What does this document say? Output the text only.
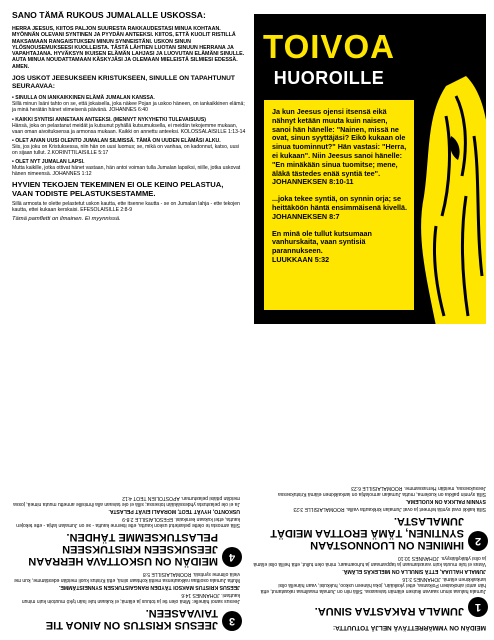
SANO TÄMÄ RUKOUS JUMALALLE USKOSSA:
HERRA JEESUS, KIITOS PALJON SUURESTA RAKKAUDESTASI MINUA KOHTAAN. MYÖNNÄN OLEVANI SYNTINEN JA PYYDÄN ANTEEKSI. KIITOS, ETTÄ KUOLIT RISTILLÄ MAKSAMAAN RANGAISTUKSEN MINUN SYNNEISTÄNI. USKON SINUN YLÖSNOUSEMUKSEESI KUOLLEISTA. TÄSTÄ LÄHTIEN LUOTAN SINUUN HERRANA JA VAPAHTAJANA. HYVÄKSYN IKUISEN ELÄMÄN LAHJASI JA LUOVUTAN ELÄMÄNI SINULLE. AUTA MINUA NOUDATTAMAAN KÄSKYJÄSI JA OLEMAAN MIELEISTÄ SILMIESI EDESSÄ. AMEN.
JOS USKOT JEESUKSEEN KRISTUKSEEN, SINULLE ON TAPAHTUNUT SEURAAVAA:
• SINULLA ON IANKAIKKINEN ELÄMÄ JUMALAN KANSSA.
Sillä minun Isäni tahto on se, että jokaisella, joka näkee Pojan ja uskoo häneen, on iankaikkinen elämä; ja minä herätän hänet viimeisenä päivänä. JOHANNES 6:40
• KAIKKI SYNTISI ANNETAAN ANTEEKSI. (MENNYT NYKYHETKI TULEVAISUUS)
Hänsä, joka on pelastanut meidät ja kutsunut pyhällä kutsumuksella, ei meidän tekojemme mukaan, vaan oman aivoituksensa ja armonsa mukaan. Kaikki on annettu anteeksi. KOLOSSALAISILLE 1:13-14
• OLET AIVAN UUSI OLENTO JUMALAN SILMISSÄ. TÄMÄ ON UUDEN ELÄMÄSI ALKU.
Siis, jos joku on Kristuksessa, niin hän on uusi luomus; se, mikä on vanhaa, on kadonnut, katso, uusi on sijaan tullut. 2.KORINTTILAISILLE 5:17
• OLET NYT JUMALAN LAPSI.
Mutta kaikille, jotka ottivat hänet vastaan, hän antoi voiman tulla Jumalan lapsiksi, niille, jotka uskovat hänen nimeensä. JOHANNES 1:12
HYVIEN TEKOJEN TEKEMINEN EI OLE KEINO PELASTUA, VAAN TODISTE PELASTUKSESTAMME.
Sillä armosta te olette pelastetut uskon kautta, ette itsenne kautta - se on Jumalan lahja - ette tekojen kautta, ettei kukaan kerskaisi. EFESOLAISILLE 2:8-9
Tämä pamfletti on ilmainen. Ei myynnissä.
TOIVOA
HUOROILLE
Ja kun Jeesus ojensi itsensä eikä nähnyt ketään muuta kuin naisen, sanoi hän hänelle: "Nainen, missä ne ovat, sinun syyttäjäsi? Eikö kukaan ole sinua tuominnut?" Hän vastasi: "Herra, ei kukaan". Niin Jeesus sanoi hänelle: "En minäkään sinua tuomitse; mene, äläkä tästedes enää syntiä tee".
JOHANNEKSEN 8:10-11
...joka tekee syntiä, on synnin orja; se heittäköön häntä ensimmäisenä kivellä.
JOHANNEKSEN 8:7
En minä ole tullut kutsumaan vanhurskaita, vaan syntisiä parannukseen.
LUUKKAAN 5:32
MEIDÄN ON YMMÄRRETTÄVÄ NELJÄ TOTUUTTA:
1
JUMALA RAKASTAA SINUA.
Jumala haluaa sinun saavan ikuisen elämän taivaassa. Sillä niin on Jumala maailmaa rakastanut, että hän antoi ainokaisen Poikansa, ettei yksikään, joka häneen uskoo, hukkuisi, vaan hänellä olisi iankaikkinen elämä. JOHANNES 3:16
JUMALA HALUAA, ETTÄ SINULLA ON MIELEKÄS ELÄMÄ.
Varas ei tule muuta kuin varastamaan ja tappamaan ja tuhoamaan; minä olen tullut, että heillä olisi elämä ja olisi yltäkylläisyys. JOHANNES 10:10
2
IHMINEN ON LUONNOSTAAN SYNTINEN, TÄMÄ EROTTAA MEIDÄT JUMALASTA.
Sillä kaikki ovat syntiä tehneet ja ovat Jumalan kirkkautta vailla. ROOMALAISILLE 3:23
SYNNIN PALKKA ON KUOLEMA.
Sillä synnin palkka on kuolema, mutta Jumalan armolahja on iankaikkinen elämä Kristuksessa Jeesuksessa, meidän Herrassamme. ROOMALAISILLE 6:23
3
JEESUS KRISTUS ON AINOA TIE TAIVAASEEN.
Jeesus sanoi hänelle: Minä olen tie ja totuus ja elämä; ei kukaan tule Isän tykö muutoin kuin minun kauttani. JOHANNES 14:6
JEESUS KRISTUS MAKSOI TÄYDEN RANGAISTUKSEN SYNNEISTÄMME.
Mutta Jumala osoittaa rakkautensa meitä kohtaan siinä, että Kristus kuoli meidän edestämme, kun me vielä olimme syntisiä. ROOMALAISILLE 5:8
4
MEIDÄN ON USKOTTAVA HERRAAN JEESUKSEEN KRISTUKSEEN PELASTUKSEMME TÄHDEN.
Sillä armosta te olette pelastetut uskon kautta, ette itsenne kautta - se on Jumalan lahja - ette tekojen kautta, ettei kukaan kerskaisi. EFESOLAISILLE 2:8-9
USKONTO, HYVÄT TEOT, MORAALI EIVÄT PELASTA.
Ja ei ole pelastusta yhdessäkään toisessa; sillä ei ole taivaan alla ihmisille annettu muuta nimeä, jossa meidän pitäisi pelastuman. APOSTOLIEN TEOT 4:12
